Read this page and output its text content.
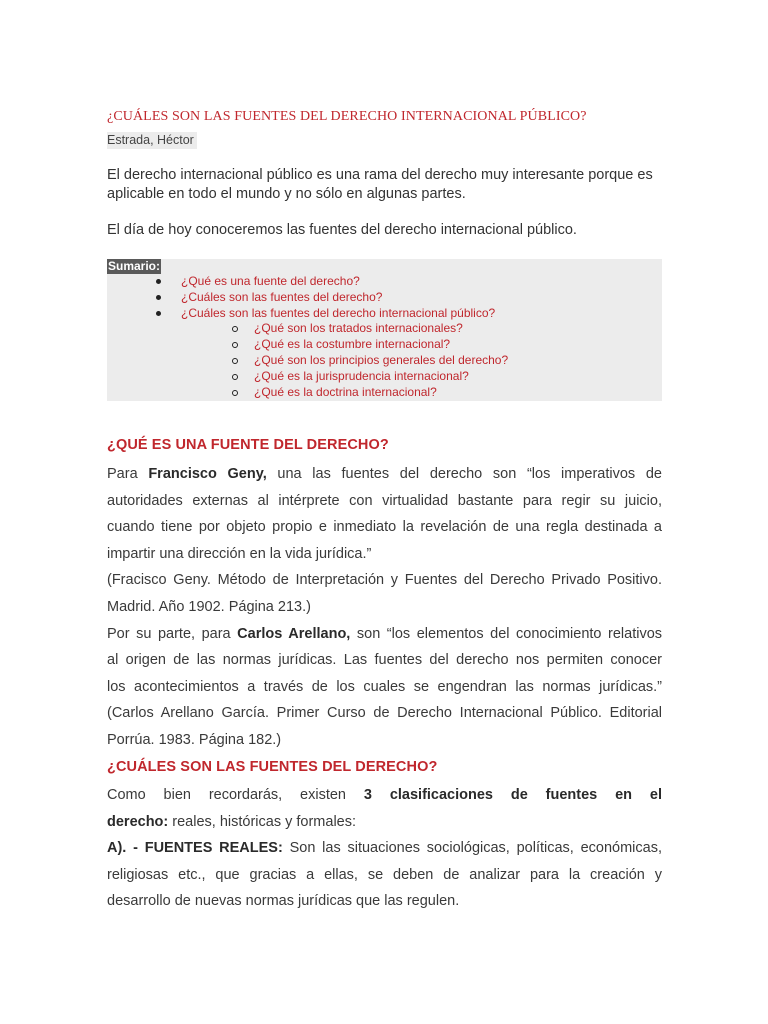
¿CUÁLES SON LAS FUENTES DEL DERECHO INTERNACIONAL PÚBLICO?
Estrada, Héctor
El derecho internacional público es una rama del derecho muy interesante porque es aplicable en todo el mundo y no sólo en algunas partes.
El día de hoy conoceremos las fuentes del derecho internacional público.
Sumario:
¿Qué es una fuente del derecho?
¿Cuáles son las fuentes del derecho?
¿Cuáles son las fuentes del derecho internacional público?
¿Qué son los tratados internacionales?
¿Qué es la costumbre internacional?
¿Qué son los principios generales del derecho?
¿Qué es la jurisprudencia internacional?
¿Qué es la doctrina internacional?
¿QUÉ ES UNA FUENTE DEL DERECHO?
Para Francisco Geny, una las fuentes del derecho son “los imperativos de
autoridades externas al intérprete con virtualidad bastante para regir su juicio,
cuando tiene por objeto propio e inmediato la revelación de una regla destinada a
impartir una dirección en la vida jurídica.”
(Fracisco Geny. Método de Interpretación y Fuentes del Derecho Privado Positivo.
Madrid. Año 1902. Página 213.)
Por su parte, para Carlos Arellano, son “los elementos del conocimiento relativos
al origen de las normas jurídicas. Las fuentes del derecho nos permiten conocer
los acontecimientos a través de los cuales se engendran las normas jurídicas.”
(Carlos Arellano García. Primer Curso de Derecho Internacional Público. Editorial
Porrúa. 1983. Página 182.)
¿CUÁLES SON LAS FUENTES DEL DERECHO?
Como bien recordarás, existen 3 clasificaciones de fuentes en el
derecho: reales, históricas y formales:
A). - FUENTES REALES: Son las situaciones sociológicas, políticas, económicas,
religiosas etc., que gracias a ellas, se deben de analizar para la creación y
desarrollo de nuevas normas jurídicas que las regulen.
